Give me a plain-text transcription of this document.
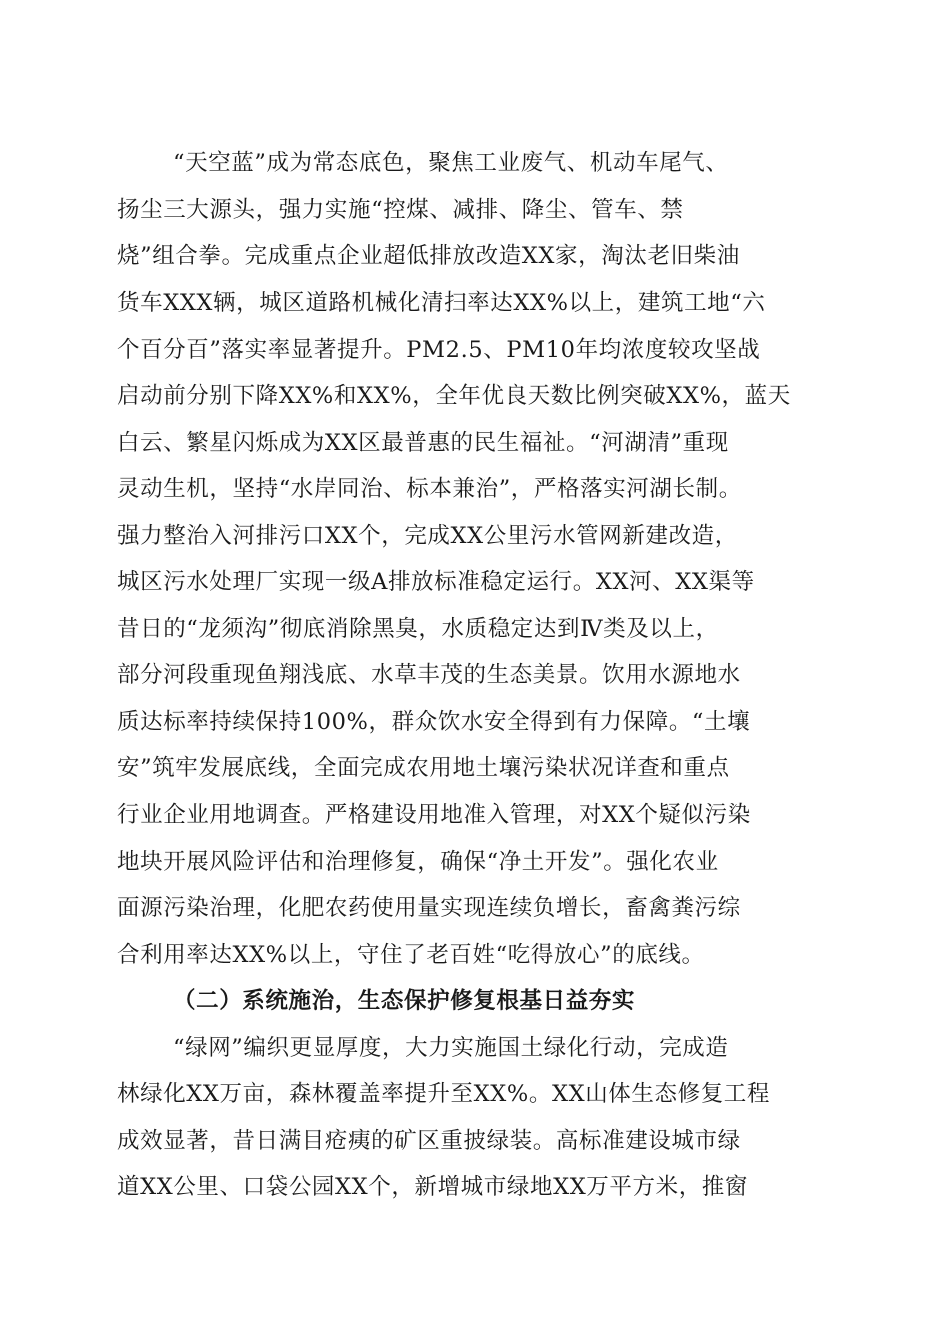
“天空蓝”成为常态底色，聚焦工业废气、机动车尾气、
扬尘三大源头，强力实施“控煤、减排、降尘、管车、禁
烧”组合拳。完成重点企业超低排放改造XX家，淘汰老旧柴油
货车XXX辆，城区道路机械化清扫率达XX%以上，建筑工地“六
个百分百”落实率显著提升。PM2.5、PM10年均浓度较攻坚战
启动前分别下降XX%和XX%，全年优良天数比例突破XX%，蓝天
白云、繁星闪烁成为XX区最普惠的民生福祉。“河湖清”重现
灵动生机，坚持“水岸同治、标本兼治”，严格落实河湖长制。
强力整治入河排污口XX个，完成XX公里污水管网新建改造，
城区污水处理厂实现一级A排放标准稳定运行。XX河、XX渠等
昔日的“龙须沟”彻底消除黑臭，水质稳定达到Ⅳ类及以上，
部分河段重现鱼翔浅底、水草丰茂的生态美景。饮用水源地水
质达标率持续保持100%，群众饮水安全得到有力保障。“土壤
安”筑牢发展底线，全面完成农用地土壤污染状况详查和重点
行业企业用地调查。严格建设用地准入管理，对XX个疑似污染
地块开展风险评估和治理修复，确保“净土开发”。强化农业
面源污染治理，化肥农药使用量实现连续负增长，畜禽粪污综
合利用率达XX%以上，守住了老百姓“吃得放心”的底线。
（二）系统施治，生态保护修复根基日益夯实
“绿网”编织更显厚度，大力实施国土绿化行动，完成造
林绿化XX万亩，森林覆盖率提升至XX%。XX山体生态修复工程
成效显著，昔日满目疮痍的矿区重披绿装。高标准建设城市绿
道XX公里、口袋公园XX个，新增城市绿地XX万平方米，推窗
